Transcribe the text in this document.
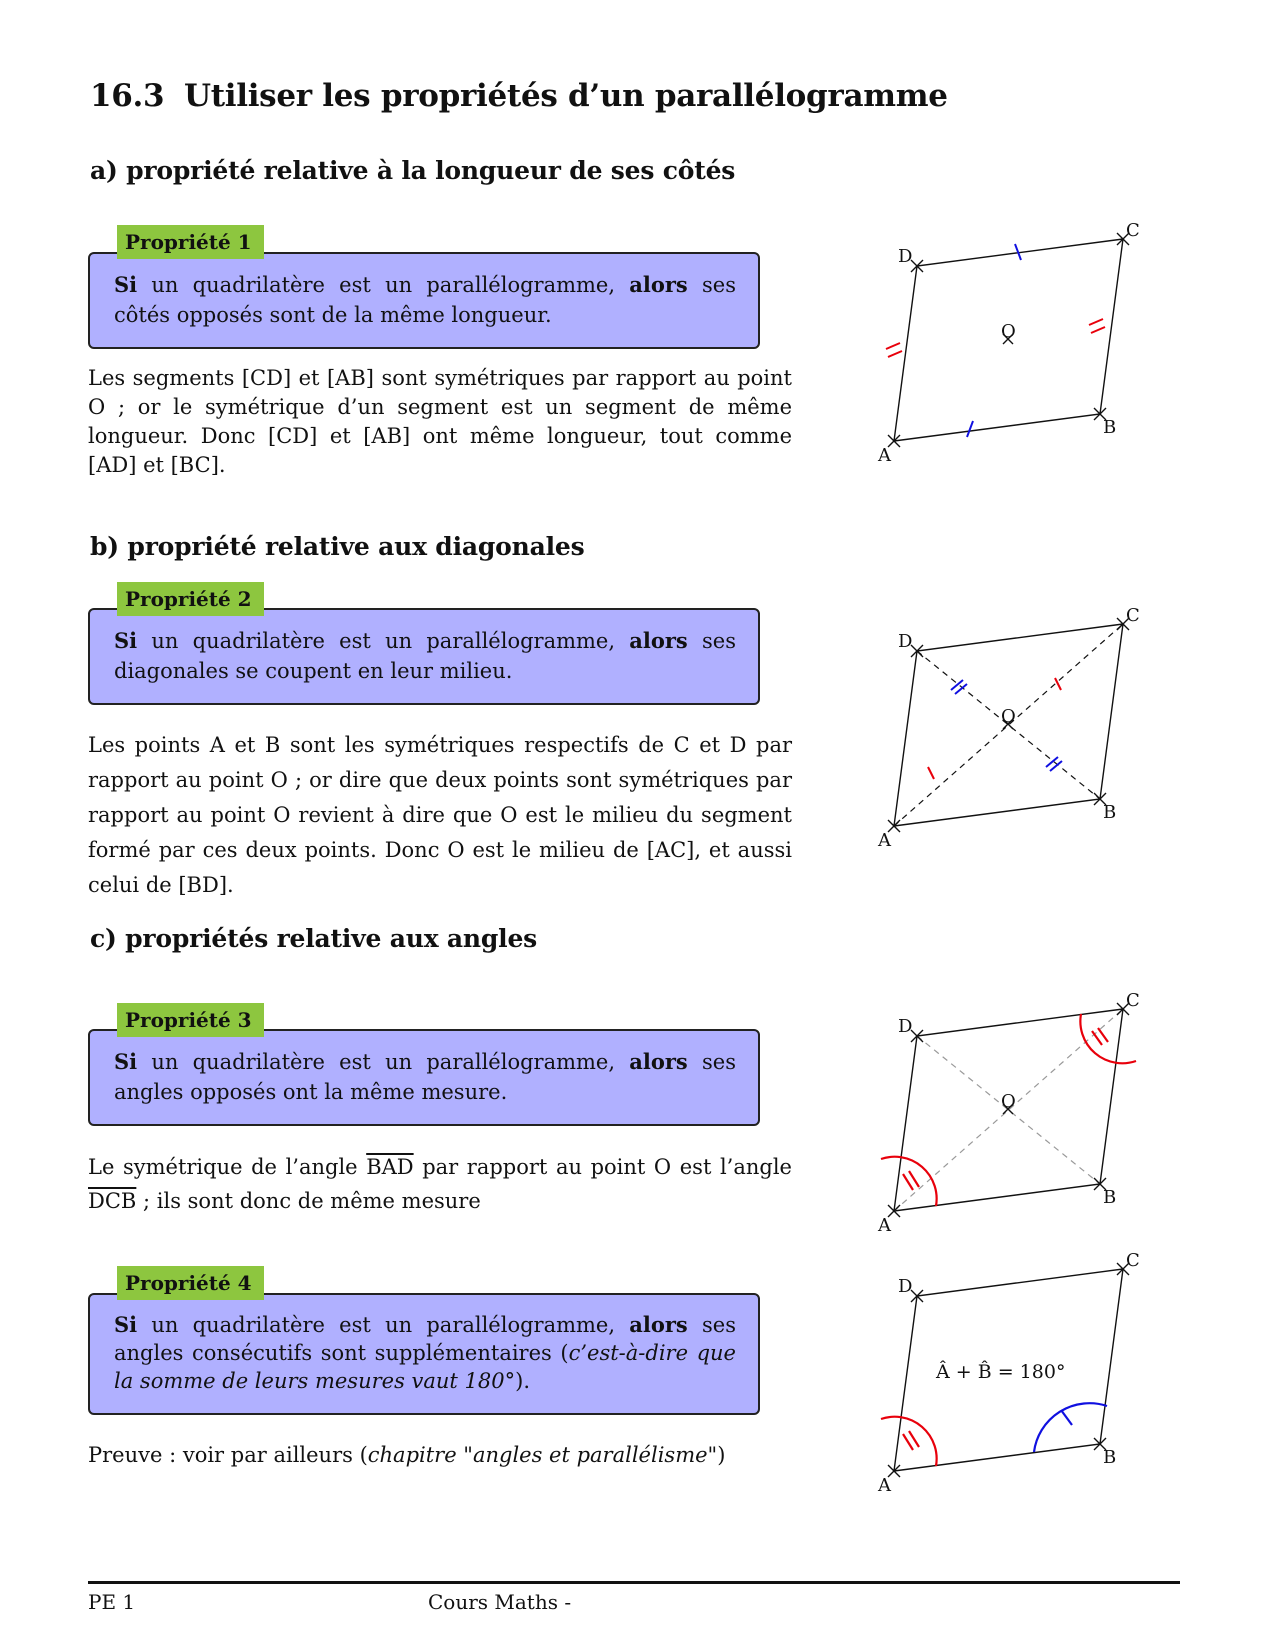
16.3 Utiliser les propriétés d’un parallélogramme
a) propriété relative à la longueur de ses côtés
Propriété 1
Si un quadrilatère est un parallélogramme, alors ses côtés opposés sont de la même longueur.
Les segments [CD] et [AB] sont symétriques par rapport au point O ; or le symétrique d’un segment est un segment de même longueur. Donc [CD] et [AB] ont même longueur, tout comme [AD] et [BC].	A
B
C
D
O
b) propriété relative aux diagonales
Propriété 2
Si un quadrilatère est un parallélogramme, alors ses diagonales se coupent en leur milieu.
Les points A et B sont les symétriques respectifs de C et D par rapport au point O ; or dire que deux points sont symétriques par rapport au point O revient à dire que O est le milieu du segment formé par ces deux points. Donc O est le milieu de [AC], et aussi celui de [BD].
A
B
C
D
O
c) propriétés relative aux angles
Propriété 3
Si un quadrilatère est un parallélogramme, alors ses angles opposés ont la même mesure.
Le symétrique de l’angle $\overline{BAD}$ par rapport au point O est l’angle $\overline{DCB}$ ; ils sont donc de même mesure
A
B
C
D
O
Propriété 4
Si un quadrilatère est un parallélogramme, alors ses angles consécutifs sont supplémentaires (c’est-à-dire que la somme de leurs mesures vaut 180°).
Preuve : voir par ailleurs (chapitre "angles et parallélisme")
A
B
C
D
Â + B̂ = 180°
PE 1	Cours Maths -
